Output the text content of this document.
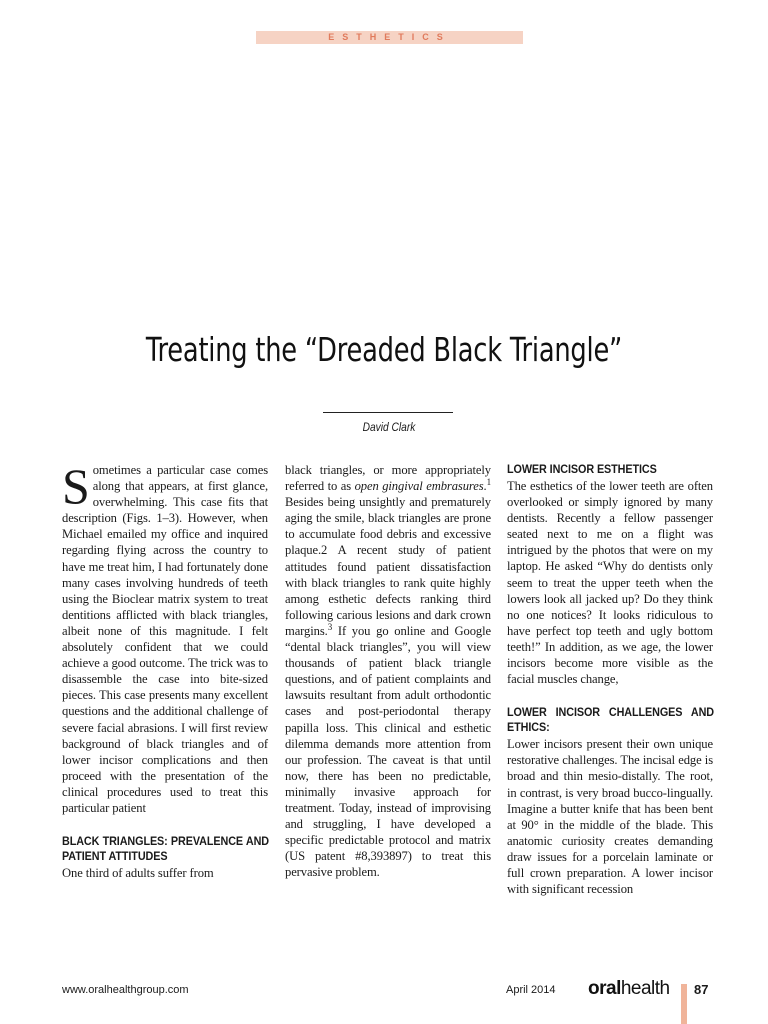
ESTHETICS
Treating the “Dreaded Black Triangle”
David Clark

Sometimes a particular case comes along that appears, at first glance, overwhelming. This case fits that description (Figs. 1–3). However, when Michael emailed my office and inquired regarding flying across the country to have me treat him, I had fortunately done many cases involving hundreds of teeth using the Bioclear matrix system to treat dentitions afflicted with black triangles, albeit none of this magnitude. I felt absolutely confident that we could achieve a good outcome. The trick was to disassemble the case into bite-sized pieces. This case presents many excellent questions and the additional challenge of severe facial abrasions. I will first review background of black triangles and of lower incisor complications and then proceed with the presentation of the clinical procedures used to treat this particular patient

BLACK TRIANGLES: PREVALENCE AND PATIENT ATTITUDES

One third of adults suffer from

black triangles, or more appropriately referred to as open gingival embrasures.$^1$ Besides being unsightly and prematurely aging the smile, black triangles are prone to accumulate food debris and excessive plaque.2 A recent study of patient attitudes found patient dissatisfaction with black triangles to rank quite highly among esthetic defects ranking third following carious lesions and dark crown margins.$^3$ If you go online and Google “dental black triangles”, you will view thousands of patient black triangle questions, and of patient complaints and lawsuits resultant from adult orthodontic cases and post-periodontal therapy papilla loss. This clinical and esthetic dilemma demands more attention from our profession. The caveat is that until now, there has been no predictable, minimally invasive approach for treatment. Today, instead of improvising and struggling, I have developed a specific predictable protocol and matrix (US patent #8,393897) to treat this pervasive problem.

LOWER INCISOR ESTHETICS

The esthetics of the lower teeth are often overlooked or simply ignored by many dentists. Recently a fellow passenger seated next to me on a flight was intrigued by the photos that were on my laptop. He asked “Why do dentists only seem to treat the upper teeth when the lowers look all jacked up? Do they think no one notices? It looks ridiculous to have perfect top teeth and ugly bottom teeth!” In addition, as we age, the lower incisors become more visible as the facial muscles change,

LOWER INCISOR CHALLENGES AND ETHICS:

Lower incisors present their own unique restorative challenges. The incisal edge is broad and thin mesio-distally. The root, in contrast, is very broad bucco-lingually. Imagine a butter knife that has been bent at 90° in the middle of the blade. This anatomic curiosity creates demanding draw issues for a porcelain laminate or full crown preparation. A lower incisor with significant recession

www.oralhealthgroup.com	April 2014 oralhealth 87
